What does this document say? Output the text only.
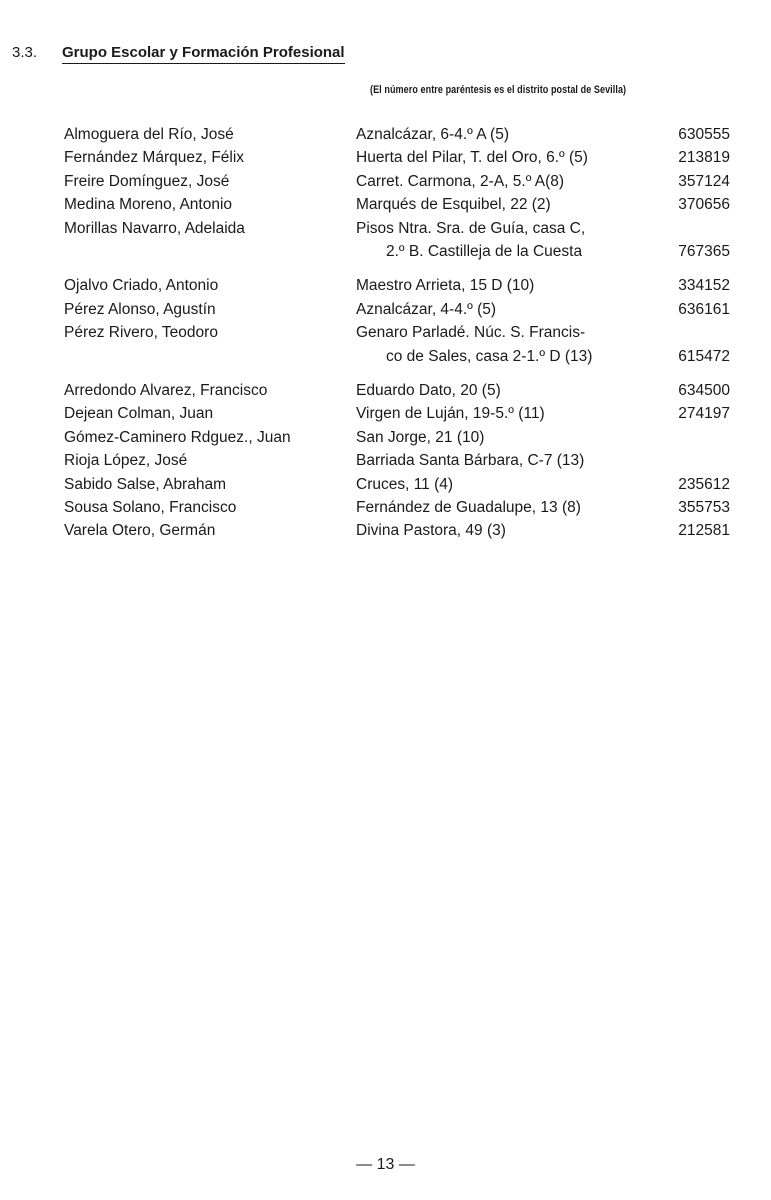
3.3. Grupo Escolar y Formación Profesional
(El número entre paréntesis es el distrito postal de Sevilla)
Almoguera del Río, José	Aznalcázar, 6-4.º A (5)	630555
Fernández Márquez, Félix	Huerta del Pilar, T. del Oro, 6.º (5)	213819
Freire Domínguez, José	Carret. Carmona, 2-A, 5.º A(8)	357124
Medina Moreno, Antonio	Marqués de Esquibel, 22 (2)	370656
Morillas Navarro, Adelaida	Pisos Ntra. Sra. de Guía, casa C,
2.º B. Castilleja de la Cuesta	767365
Ojalvo Criado, Antonio	Maestro Arrieta, 15 D (10)	334152
Pérez Alonso, Agustín	Aznalcázar, 4-4.º (5)	636161
Pérez Rivero, Teodoro	Genaro Parladé. Núc. S. Francis-
co de Sales, casa 2-1.º D (13)	615472
Arredondo Alvarez, Francisco	Eduardo Dato, 20 (5)	634500
Dejean Colman, Juan	Virgen de Luján, 19-5.º (11)	274197
Gómez-Caminero Rdguez., Juan	San Jorge, 21 (10)
Rioja López, José	Barriada Santa Bárbara, C-7 (13)
Sabido Salse, Abraham	Cruces, 11 (4)	235612
Sousa Solano, Francisco	Fernández de Guadalupe, 13 (8)	355753
Varela Otero, Germán	Divina Pastora, 49 (3)	212581
— 13 —
